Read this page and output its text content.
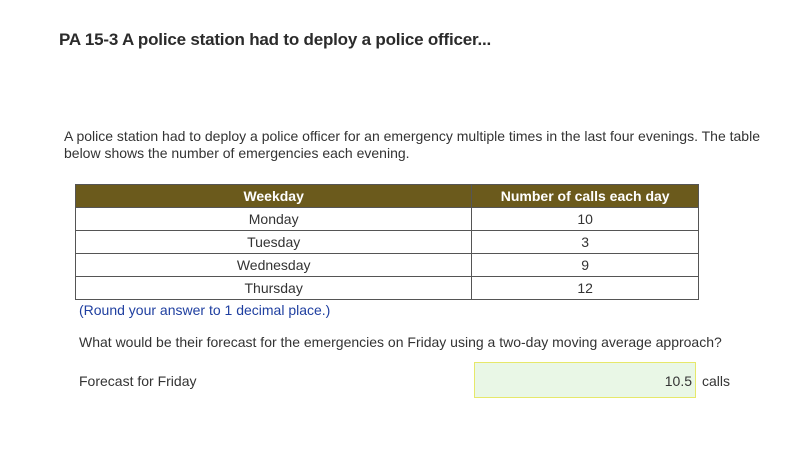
PA 15-3 A police station had to deploy a police officer...
A police station had to deploy a police officer for an emergency multiple times in the last four evenings. The table below shows the number of emergencies each evening.
Weekday	Number of calls each day
Monday	10
Tuesday	3
Wednesday	9
Thursday	12
(Round your answer to 1 decimal place.)
What would be their forecast for the emergencies on Friday using a two-day moving average approach?
Forecast for Friday	10.5 calls
